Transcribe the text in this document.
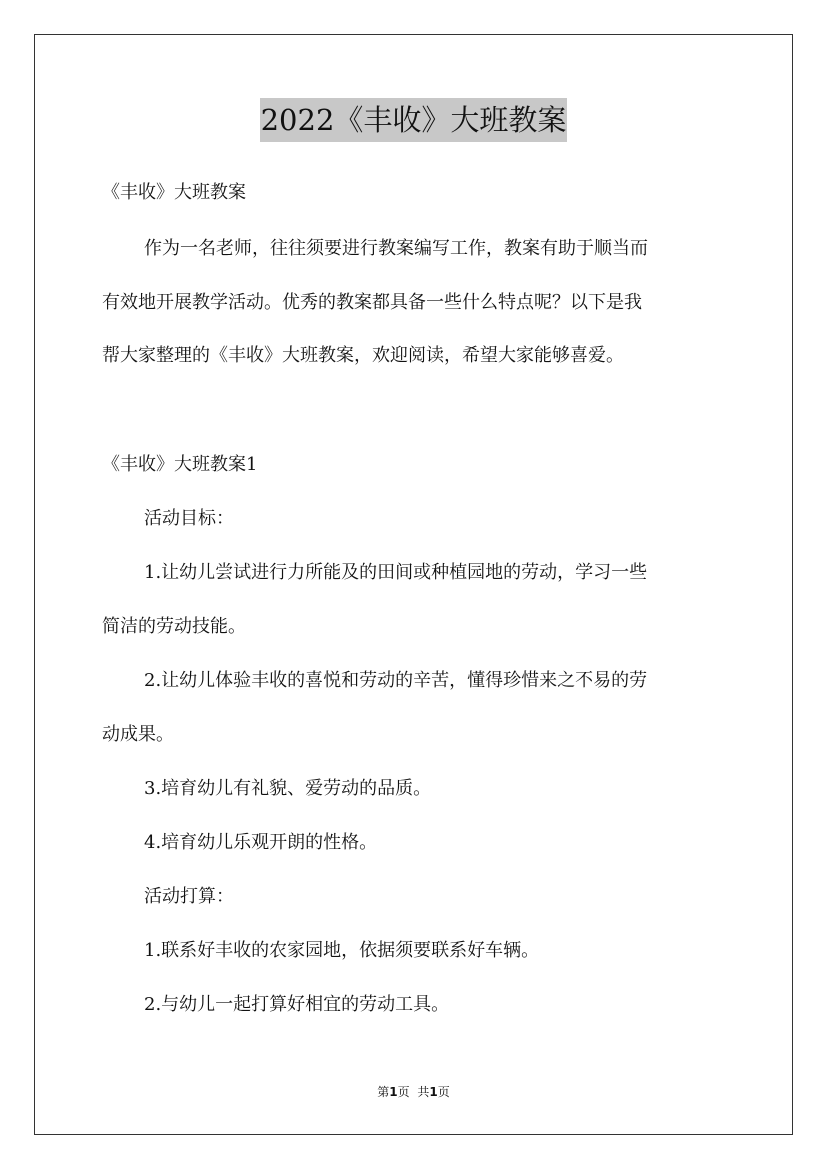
2022《丰收》大班教案
《丰收》大班教案
作为一名老师，往往须要进行教案编写工作，教案有助于顺当而
有效地开展教学活动。优秀的教案都具备一些什么特点呢？以下是我
帮大家整理的《丰收》大班教案，欢迎阅读，希望大家能够喜爱。
《丰收》大班教案1
活动目标：
1.让幼儿尝试进行力所能及的田间或种植园地的劳动，学习一些
简洁的劳动技能。
2.让幼儿体验丰收的喜悦和劳动的辛苦，懂得珍惜来之不易的劳
动成果。
3.培育幼儿有礼貌、爱劳动的品质。
4.培育幼儿乐观开朗的性格。
活动打算：
1.联系好丰收的农家园地，依据须要联系好车辆。
2.与幼儿一起打算好相宜的劳动工具。
第1页 共1页
